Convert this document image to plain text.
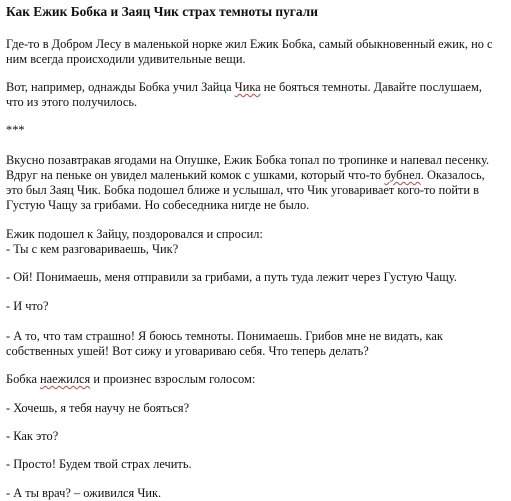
Как Ежик Бобка и Заяц Чик страх темноты пугали
Где-то в Добром Лесу в маленькой норке жил Ежик Бобка, самый обыкновенный ежик, но с
ним всегда происходили удивительные вещи.
Вот, например, однажды Бобка учил Зайца Чика не бояться темноты. Давайте послушаем,
что из этого получилось.
***
Вкусно позавтракав ягодами на Опушке, Ежик Бобка топал по тропинке и напевал песенку.
Вдруг на пеньке он увидел маленький комок с ушками, который что-то бубнел. Оказалось,
это был Заяц Чик. Бобка подошел ближе и услышал, что Чик уговаривает кого-то пойти в
Густую Чащу за грибами. Но собеседника нигде не было.
Ежик подошел к Зайцу, поздоровался и спросил:
- Ты с кем разговариваешь, Чик?
- Ой! Понимаешь, меня отправили за грибами, а путь туда лежит через Густую Чащу.
- И что?
- А то, что там страшно! Я боюсь темноты. Понимаешь. Грибов мне не видать, как
собственных ушей! Вот сижу и уговариваю себя. Что теперь делать?
Бобка наежился и произнес взрослым голосом:
- Хочешь, я тебя научу не бояться?
- Как это?
- Просто! Будем твой страх лечить.
- А ты врач? – оживился Чик.
